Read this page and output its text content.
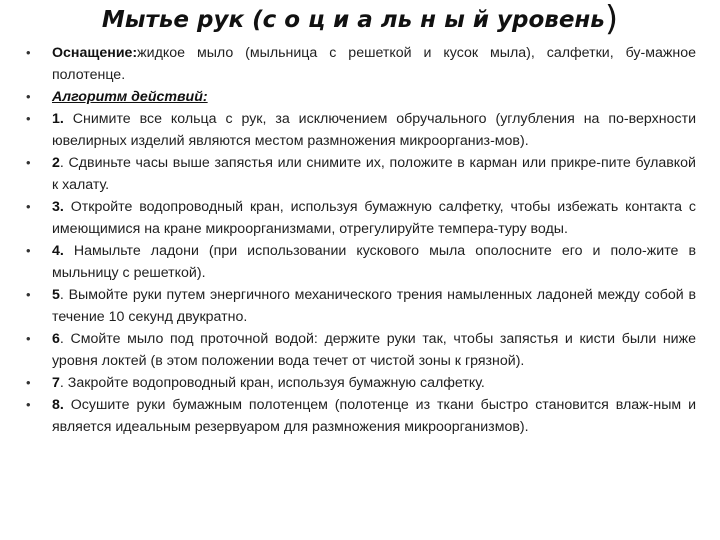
Мытье рук (с о ц и а ль н ы й уровень)
• Оснащение:жидкое мыло (мыльница с решеткой и кусок мыла), салфетки, бу-мажное полотенце.
• Алгоритм действий:
• 1. Снимите все кольца с рук, за исключением обручального (углубления на по-верхности ювелирных изделий являются местом размножения микроорганиз-мов).
• 2. Сдвиньте часы выше запястья или снимите их, положите в карман или прикре-пите булавкой к халату.
• 3. Откройте водопроводный кран, используя бумажную салфетку, чтобы избежать контакта с имеющимися на кране микроорганизмами, отрегулируйте темпера-туру воды.
• 4. Намыльте ладони (при использовании кускового мыла ополосните его и поло-жите в мыльницу с решеткой).
• 5. Вымойте руки путем энергичного механического трения намыленных ладоней между собой в течение 10 секунд двукратно.
• 6. Смойте мыло под проточной водой: держите руки так, чтобы запястья и кисти были ниже уровня локтей (в этом положении вода течет от чистой зоны к грязной).
• 7. Закройте водопроводный кран, используя бумажную салфетку.
• 8. Осушите руки бумажным полотенцем (полотенце из ткани быстро становится влаж-ным и является идеальным резервуаром для размножения микроорганизмов).
